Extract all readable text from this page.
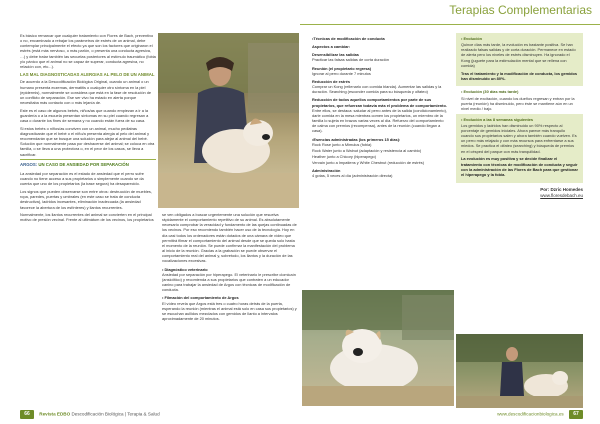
Terapias Complementarias

Es básico remarcar que cualquier tratamiento con Flores de Bach, preventivo o no, encaminado a rebajar los parámetros de estrés de un animal, debe contemplar principalmente el efecto ya que son los factores que originaron el estrés (está más nervioso, o más parlón, o presenta una conducta agresiva, …) y debe tratar también las secuelas posteriores al estímulo traumático (fobia y/o pánico que el animal no se capaz de superar, conducta agresiva, no relación con, etc...).

LAS MAL DIAGNOSTICADAS ALERGIAS AL PELO DE UN ANIMAL

De acuerdo a la Descodificación Biológica Original, cuando un animal o un humano presenta eczemas, dermatitis o cualquier otro síntoma en la piel (epidermis), normalmente se considera que está en la fase de resolución de un conflicto de separación. Ese ser vivo ha estado en alerta porque necesitaba más contacto con o más lejanía de.

Este es el caso de algunos bebés, niños/as que cuando empiezan a ir a la guardería o a la escuela presentan síntomas en su piel cuando regresan a casa o durante los fines de semana y no cuando están fuera de su casa.

Si estos bebés o niños/as conviven con un animal, mucho pediatras diagnosticarán que el bebé o el niño/a presenta alergia al pelo del animal y recomendarán que se busque una solución para alejar al animal del bebé. Solución que normalmente pasa por deshacerse del animal; se coloca en otra familia, o se lleva a una protectora o, en el peor de los casos, se lleva a sacrificar.

ARGOS: UN CASO DE ANSIEDAD POR SEPARACIÓN

La ansiedad por separación es el estado de ansiedad que el perro sufre cuando no tiene acceso a sus propietarios o simplemente cuando se da cuenta que uno de los propietarios (la base segura) ha desaparecido.

Los signos que pueden observarse son entre otros: destrucción de muebles, ropa, paredes, puertas y umbrales (en este caso se trata de conducta destructiva), ladridos incesantes, eliminación inadecuada (la ansiedad favorece la abertura de los esfínteres) y llantos recurrentes.

Normalmente, los llantos recurrentes del animal se convierten en el principal motivo de presión vecinal. Frente al ultimátum de los vecinos, los propietarios

se ven obligados a buscar urgentemente una solución que resuelva rápidamente el comportamiento repetitivo de su animal. Es absolutamente necesario comprobar la veracidad y fundamento de las quejas continuadas de los vecinos. Por eso recomiendo también hacer uso de la tecnología. Hoy en día casi todos los ordenadores están dotados de una cámara de vídeo que permitirá filmar el comportamiento del animal desde que se queda solo hasta el momento de la reunión. Se puede confirmar la manifestación del problema al inicio de la reunión. Gracias a la grabación se puede observar el comportamiento real del animal y, sobretodo, los llantos y la duración de las vocalizaciones excesivas.

• Diagnóstico veterinario

Ansiedad por separación por hiperapego. El veterinario le prescribe clomicaín (ansiolítico) y recomienda a sus propietarios que contraten a un educador canino para trabajar la ansiedad de Argos con técnicas de modificación de conducta.

• Filmación del comportamiento de Argos

El vídeo revela que Argos está tres o cuatro horas detrás de la puerta, esperando la reunión (mientras el animal está solo en casa sus propietarios) y se escuchan aullidos mezclados con gemidos de llanto a intervalos aproximadamente de 20 minutos.

•Técnicas de modificación de conducta
Aspectos a cambiar:
Desensibilizar las salidas

Practicar las falsas salidas de corta duración

Reunión (el propietario regresa)

Ignorar al perro durante 7 minutos

Reducción de estrés

Comprar un Kong (rellenarlo con comida blanda). Aumentar las salidas y la duración. Searching (esconder comida para su búsqueda y olfateo)

Reducción de todos aquellos comportamientos por parte de sus propietarios, que refuerzan todavía más el problema de comportamiento.

Entre ellos, se destaca: saludar al perro antes de la salida (condicionamiento), darle comida en la mesa mientras comen los propietarios, un miembro de la familia lo sujeta en brazos varias veces al día. Refuerzo del comportamiento de calma con premios (recompensa), antes de la reunión (cuando llegan a casa).

•Esencias administradas (los primeros 15 días):

Rock Rose junto a Mimulus (fobia)

Rock Water junto a Walnut (adaptación y resistencia al cambio)

Heather junto a Chicory (hiperapego)

Vervain junto a Impatiens y White Chestnut (reducción de estrés)

Administración

4 gotas, 5 veces al día (administración directa)

• Evolución

Quince días más tarde, la evolución es bastante positiva. Se han realizado falsas salidas y de corta duración. Permanece en estado de alerta pero los niveles de estrés disminuyen. Ha ignorado el Kong (juguete para la estimulación mental que se rellena con comida)

Tras el tratamiento y la modificación de conducta, los gemidos han disminuido un 80%.

• Evolución (30 días más tarde)

Si nivel de excitación, cuando los dueños regresan y entran por la puerta (reunión) ha disminuido, pero éste se mantiene aún en un nivel medio / bajo.

• Evolución a las 8 semanas siguientes

Los gemidos y ladridos han disminuido un 90% respecto al porcentaje de gemidos iniciales. Ahora parece más tranquilo cuando sus propietarios salen y ahora también cuando vuelven. Es un perro más relajado y con más recursos para enfrentarse a sus miedos. Se practica el olfateo (searching) y búsqueda de premios en el césped del parque con más tranquilidad.

La evolución es muy positiva y se decide finalizar el tratamiento con técnicas de modificación de conducta y seguir con la administración de las Flores de Bach para que gestionar el hiperapego y la fobia.

Por: Dzric Homedes
www.floresdebach.eu
66 Revista EDBO Descodificación Biológica | Terapia & Salud	www.descodificacionbiologica.es 67
